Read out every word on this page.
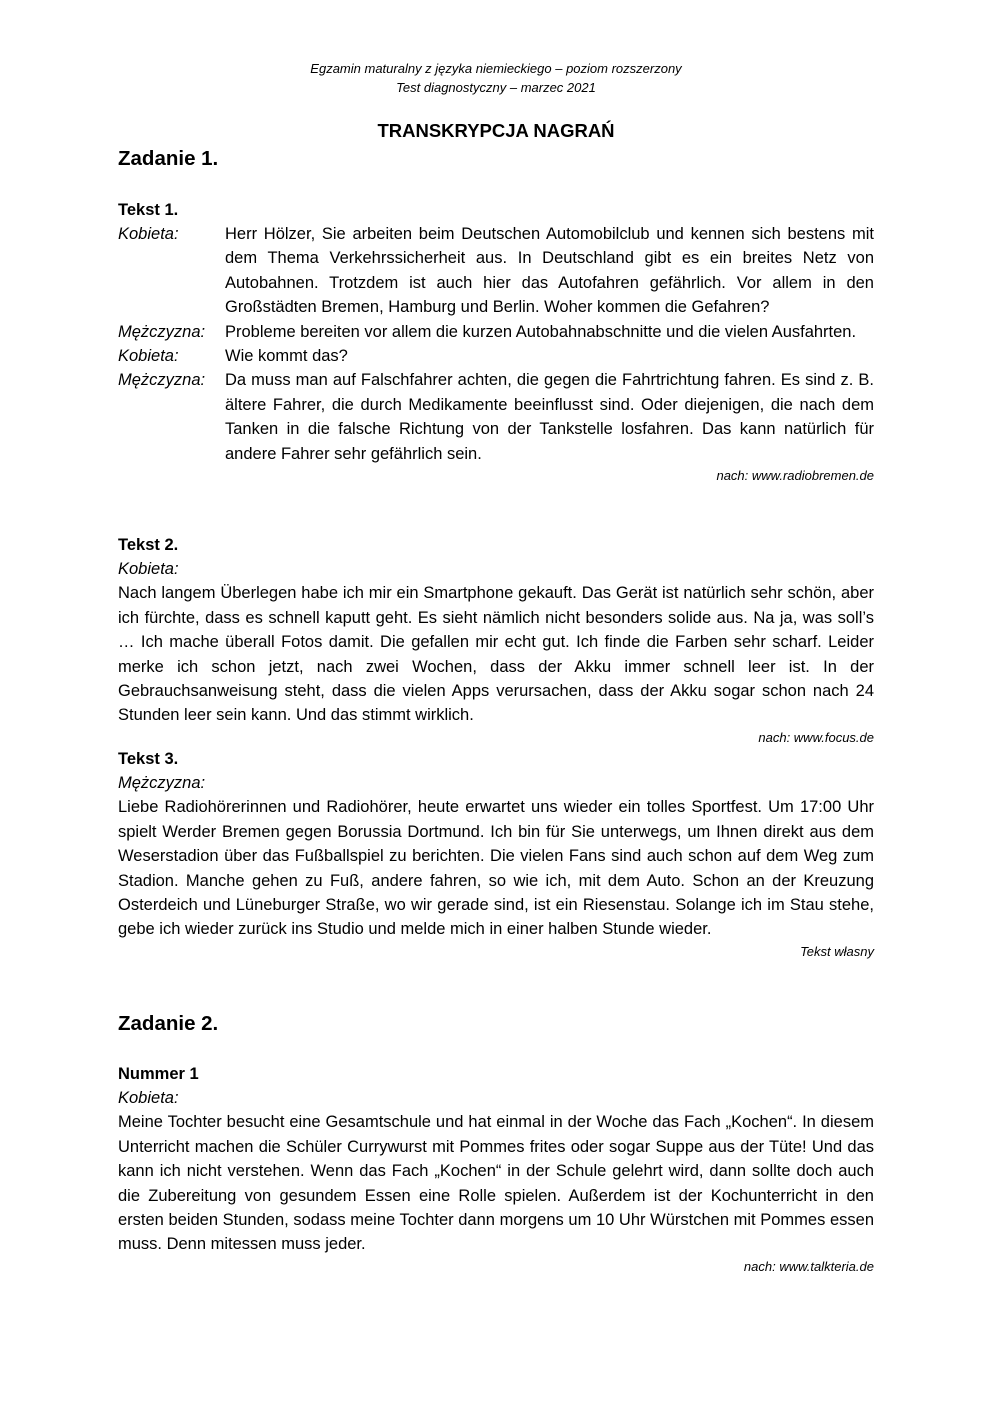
Egzamin maturalny z języka niemieckiego – poziom rozszerzony
Test diagnostyczny – marzec 2021
TRANSKRYPCJA NAGRAŃ
Zadanie 1.
Tekst 1.
Kobieta:	Herr Hölzer, Sie arbeiten beim Deutschen Automobilclub und kennen sich bestens mit dem Thema Verkehrssicherheit aus. In Deutschland gibt es ein breites Netz von Autobahnen. Trotzdem ist auch hier das Autofahren gefährlich. Vor allem in den Großstädten Bremen, Hamburg und Berlin. Woher kommen die Gefahren?
Mężczyzna:	Probleme bereiten vor allem die kurzen Autobahnabschnitte und die vielen Ausfahrten.
Kobieta:	Wie kommt das?
Mężczyzna:	Da muss man auf Falschfahrer achten, die gegen die Fahrtrichtung fahren. Es sind z. B. ältere Fahrer, die durch Medikamente beeinflusst sind. Oder diejenigen, die nach dem Tanken in die falsche Richtung von der Tankstelle losfahren. Das kann natürlich für andere Fahrer sehr gefährlich sein.
nach: www.radiobremen.de
Tekst 2.
Kobieta:
Nach langem Überlegen habe ich mir ein Smartphone gekauft. Das Gerät ist natürlich sehr schön, aber ich fürchte, dass es schnell kaputt geht. Es sieht nämlich nicht besonders solide aus. Na ja, was soll’s … Ich mache überall Fotos damit. Die gefallen mir echt gut. Ich finde die Farben sehr scharf. Leider merke ich schon jetzt, nach zwei Wochen, dass der Akku immer schnell leer ist. In der Gebrauchsanweisung steht, dass die vielen Apps verursachen, dass der Akku sogar schon nach 24 Stunden leer sein kann. Und das stimmt wirklich.
nach: www.focus.de
Tekst 3.
Mężczyzna:
Liebe Radiohörerinnen und Radiohörer, heute erwartet uns wieder ein tolles Sportfest. Um 17:00 Uhr spielt Werder Bremen gegen Borussia Dortmund. Ich bin für Sie unterwegs, um Ihnen direkt aus dem Weserstadion über das Fußballspiel zu berichten. Die vielen Fans sind auch schon auf dem Weg zum Stadion. Manche gehen zu Fuß, andere fahren, so wie ich, mit dem Auto. Schon an der Kreuzung Osterdeich und Lüneburger Straße, wo wir gerade sind, ist ein Riesenstau. Solange ich im Stau stehe, gebe ich wieder zurück ins Studio und melde mich in einer halben Stunde wieder.
Tekst własny
Zadanie 2.
Nummer 1
Kobieta:
Meine Tochter besucht eine Gesamtschule und hat einmal in der Woche das Fach „Kochen“. In diesem Unterricht machen die Schüler Currywurst mit Pommes frites oder sogar Suppe aus der Tüte! Und das kann ich nicht verstehen. Wenn das Fach „Kochen“ in der Schule gelehrt wird, dann sollte doch auch die Zubereitung von gesundem Essen eine Rolle spielen. Außerdem ist der Kochunterricht in den ersten beiden Stunden, sodass meine Tochter dann morgens um 10 Uhr Würstchen mit Pommes essen muss. Denn mitessen muss jeder.
nach: www.talkteria.de
